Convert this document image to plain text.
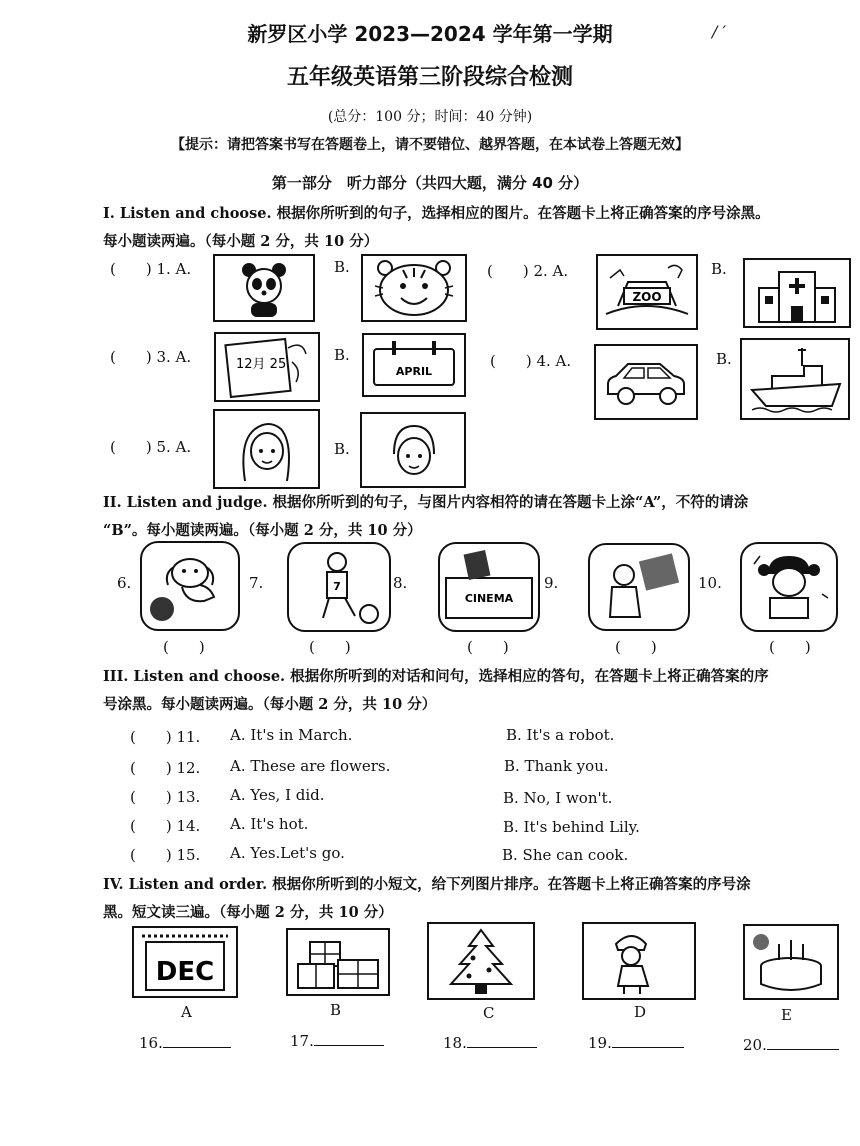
新罗区小学 2023—2024 学年第一学期	/ ′
五年级英语第三阶段综合检测
(总分：100 分；时间：40 分钟)
【提示：请把答案书写在答题卷上，请不要错位、越界答题，在本试卷上答题无效】
第一部分　听力部分（共四大题，满分 40 分）
I. Listen and choose. 根据你所听到的句子，选择相应的图片。在答题卡上将正确答案的序号涂黑。
每小题读两遍。（每小题 2 分，共 10 分）
(　　) 1. A.	B.	(　　) 2. A.
ZOO
B.
(　　) 3. A.	12月 25
B.
APRIL
(　　) 4. A.	B.
(　　) 5. A.	B.
II. Listen and judge. 根据你所听到的句子，与图片内容相符的请在答题卡上涂“A”，不符的请涂
“B”。每小题读两遍。（每小题 2 分，共 10 分）
6.	7.	7	8.
CINEMA
9.	10.
(　　)	(　　)	(　　)	(　　)	(　　)
III. Listen and choose. 根据你所听到的对话和问句，选择相应的答句，在答题卡上将正确答案的序
号涂黑。每小题读两遍。（每小题 2 分，共 10 分）
(　　) 11. A. It's in March.	B. It's a robot.
(　　) 12. A. These are flowers.	B. Thank you.
(　　) 13. A. Yes, I did.	B. No, I won't.
(　　) 14. A. It's hot.	B. It's behind Lily.
(　　) 15. A. Yes.Let's go.	B. She can cook.
IV. Listen and order. 根据你所听到的小短文，给下列图片排序。在答题卡上将正确答案的序号涂
黑。短文读三遍。（每小题 2 分，共 10 分）
DEC
A	B	C	D	E
16.	17.	18.	19.	20.
